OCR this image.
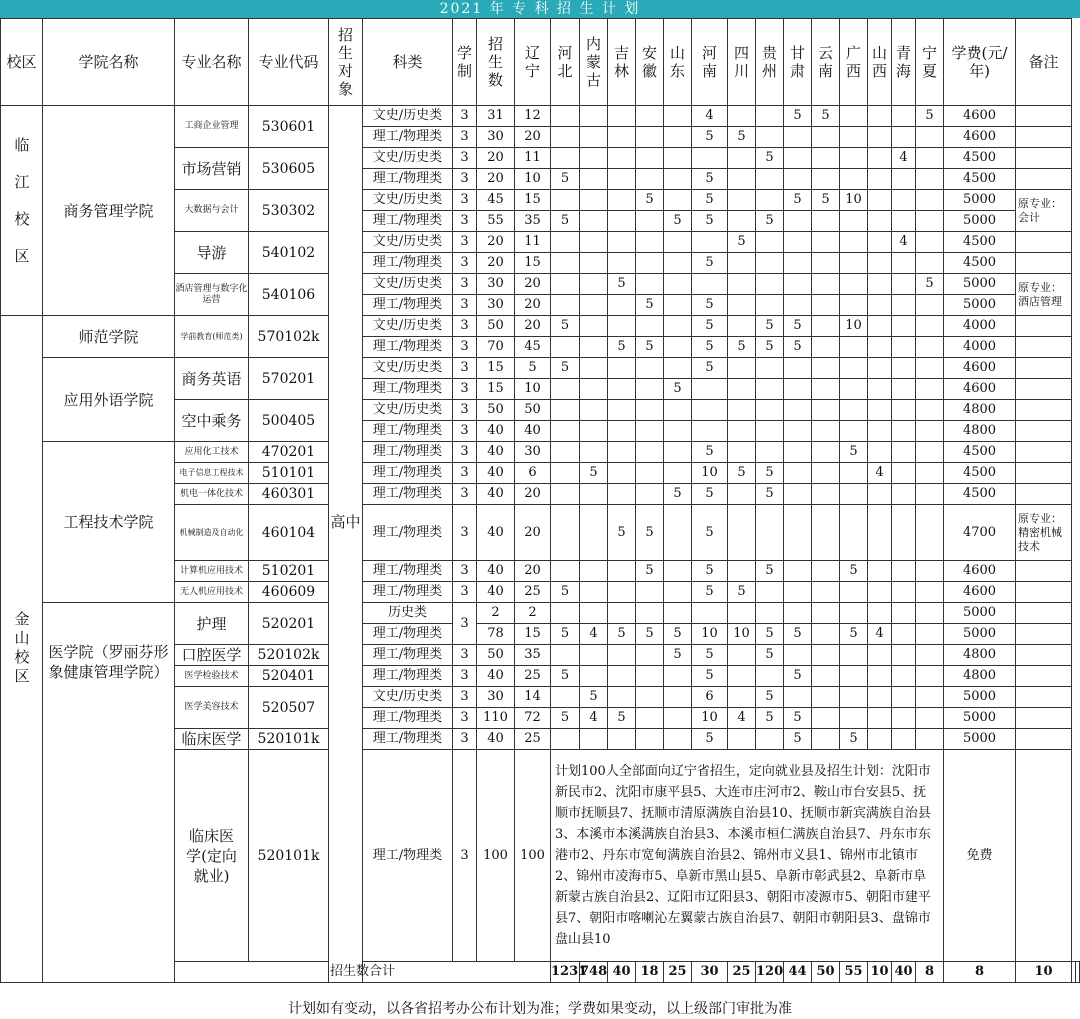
2021 年 专 科 招 生 计 划
校区	学院名称	专业名称	专业代码	招生对象	科类	学制	招生数	辽宁	河北	内蒙古	吉林	安徽	山东	河南	四川	贵州	甘肃	云南	广西	山西	青海	宁夏	学费(元/年)	备注		
临江校区	商务管理学院	工商企业管理	530601	高中	文史/历史类	3	31	12						4			5	5				5	4600			
					理工/物理类	3	30	20						5	5								4600			
		市场营销	530605		文史/历史类	3	20	11								5					4		4500			
					理工/物理类	3	20	10	5					5									4500			
		大数据与会计	530302		文史/历史类	3	45	15				5		5			5	5	10				5000	原专业：会计		
					理工/物理类	3	55	35	5				5	5		5							5000			
		导游	540102		文史/历史类	3	20	11							5						4		4500			
					理工/物理类	3	20	15						5									4500			
		酒店管理与数字化运营	540106		文史/历史类	3	30	20			5											5	5000	原专业：酒店管理		
					理工/物理类	3	30	20				5		5									5000			
金山校区	师范学院	学前教育(师范类)	570102k		文史/历史类	3	50	20	5					5		5	5		10				4000			
					理工/物理类	3	70	45			5	5		5	5	5	5						4000			
	应用外语学院	商务英语	570201		文史/历史类	3	15	5	5					5									4600			
					理工/物理类	3	15	10					5										4600			
		空中乘务	500405		文史/历史类	3	50	50															4800			
					理工/物理类	3	40	40															4800			
	工程技术学院	应用化工技术	470201		理工/物理类	3	40	30						5					5				4500			
		电子信息工程技术	510101		理工/物理类	3	40	6		5				10	5	5				4			4500			
		机电一体化技术	460301		理工/物理类	3	40	20					5	5		5							4500			
		机械制造及自动化	460104		理工/物理类	3	40	20			5	5		5									4700	原专业：精密机械技术		
		计算机应用技术	510201		理工/物理类	3	40	20				5		5		5			5				4600			
		无人机应用技术	460609		理工/物理类	3	40	25	5					5	5								4600			
	医学院（罗丽芬形象健康管理学院）	护理	520201		历史类	3	2	2															5000			
					理工/物理类		78	15	5	4	5	5	5	10	10	5	5		5	4			5000			
		口腔医学	520102k		理工/物理类	3	50	35					5	5		5							4800			
		医学检验技术	520401		理工/物理类	3	40	25	5					5			5						4800			
		医学美容技术	520507		文史/历史类	3	30	14		5				6		5							5000			
					理工/物理类	3	110	72	5	4	5			10	4	5	5						5000			
		临床医学	520101k		理工/物理类	3	40	25						5			5		5				5000			
		临床医学(定向就业)	520101k		理工/物理类	3	100	100	计划100人全部面向辽宁省招生，定向就业县及招生计划：沈阳市新民市2、沈阳市康平县5、大连市庄河市2、鞍山市台安县5、抚顺市抚顺县7、抚顺市清原满族自治县10、抚顺市新宾满族自治县3、本溪市本溪满族自治县3、本溪市桓仁满族自治县7、丹东市东港市2、丹东市宽甸满族自治县2、锦州市义县1、锦州市北镇市2、锦州市凌海市5、阜新市黑山县5、阜新市彰武县2、阜新市阜新蒙古族自治县2、辽阳市辽阳县3、朝阳市凌源市5、朝阳市建平县7、朝阳市喀喇沁左翼蒙古族自治县7、朝阳市朝阳县3、盘锦市盘山县10														免费			
		招生数合计							1231	748	40	18	25	30	25	120	44	50	55	10	40	8	8	10		
计划如有变动，以各省招考办公布计划为准；学费如果变动，以上级部门审批为准
